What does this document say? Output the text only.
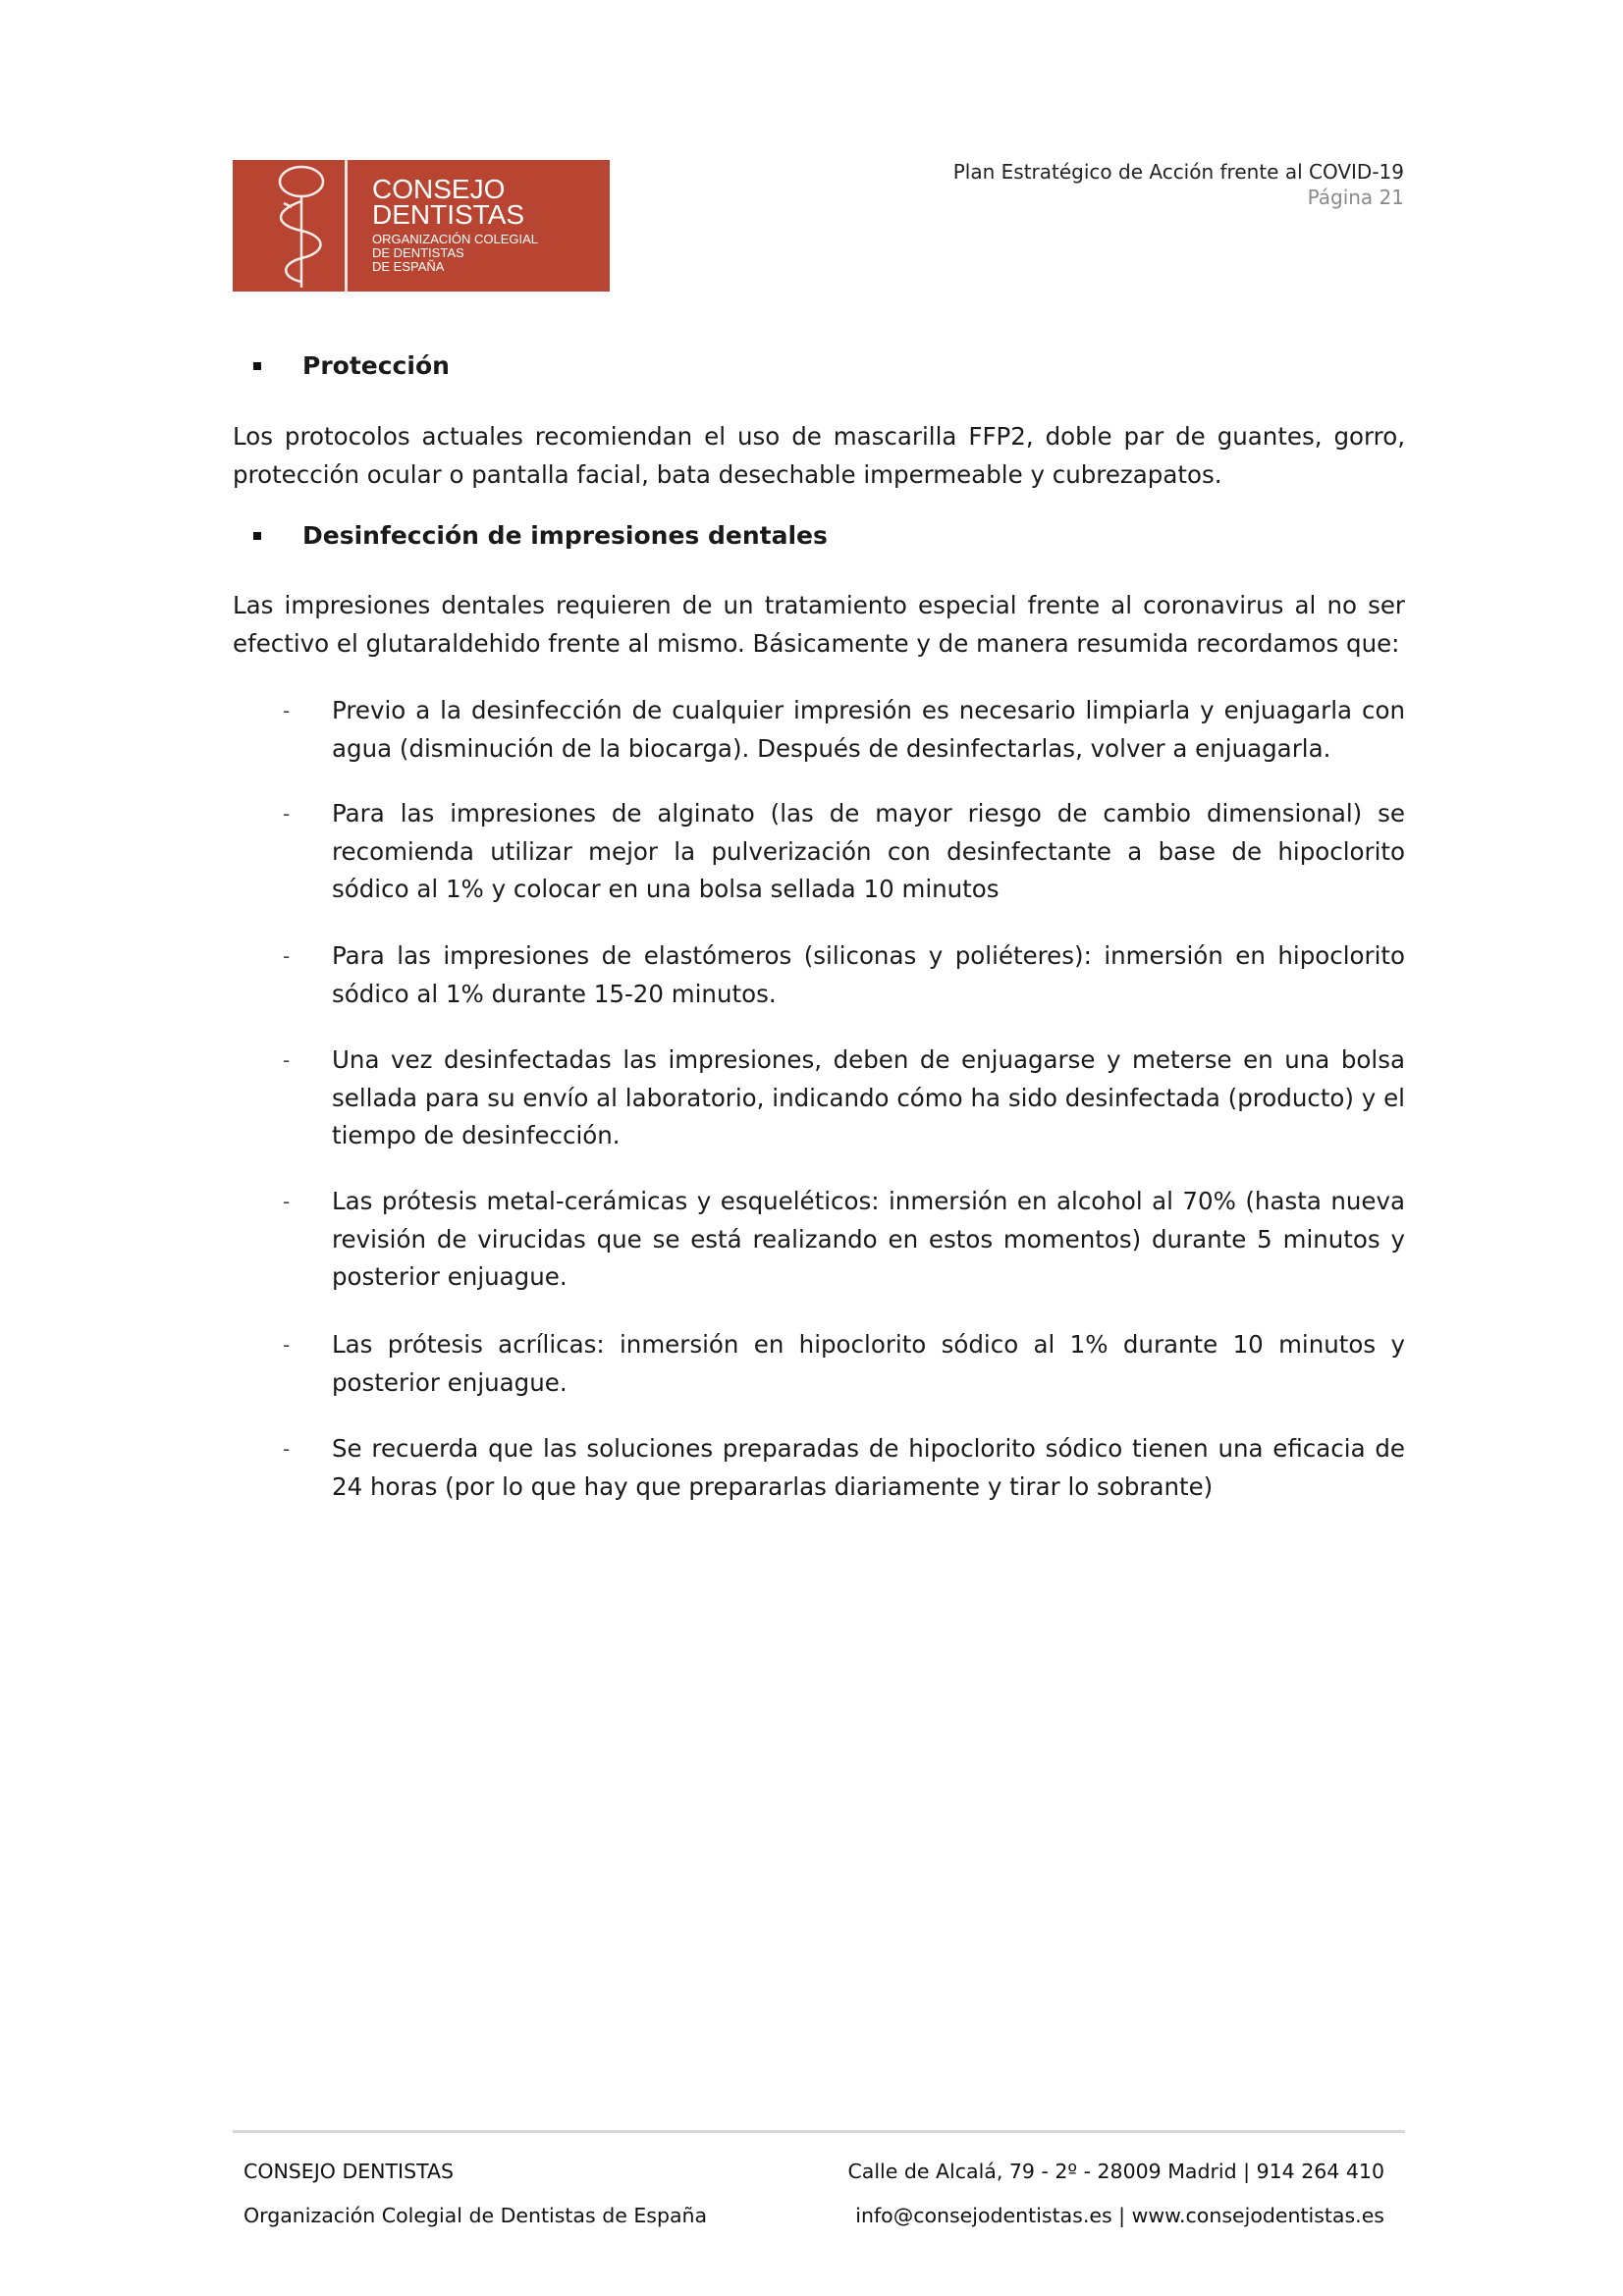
CONSEJO
DENTISTAS
ORGANIZACIÓN COLEGIAL
DE DENTISTAS
DE ESPAÑA
Plan Estratégico de Acción frente al COVID-19
Página 21
Protección
Los protocolos actuales recomiendan el uso de mascarilla FFP2, doble par de guantes, gorro, protección ocular o pantalla facial, bata desechable impermeable y cubrezapatos.
Desinfección de impresiones dentales
Las impresiones dentales requieren de un tratamiento especial frente al coronavirus al no ser efectivo el glutaraldehido frente al mismo. Básicamente y de manera resumida recordamos que:
- Previo a la desinfección de cualquier impresión es necesario limpiarla y enjuagarla con agua (disminución de la biocarga). Después de desinfectarlas, volver a enjuagarla.
- Para las impresiones de alginato (las de mayor riesgo de cambio dimensional) se recomienda utilizar mejor la pulverización con desinfectante a base de hipoclorito sódico al 1% y colocar en una bolsa sellada 10 minutos
- Para las impresiones de elastómeros (siliconas y poliéteres): inmersión en hipoclorito sódico al 1% durante 15-20 minutos.
- Una vez desinfectadas las impresiones, deben de enjuagarse y meterse en una bolsa sellada para su envío al laboratorio, indicando cómo ha sido desinfectada (producto) y el tiempo de desinfección.
- Las prótesis metal-cerámicas y esqueléticos: inmersión en alcohol al 70% (hasta nueva revisión de virucidas que se está realizando en estos momentos) durante 5 minutos y posterior enjuague.
- Las prótesis acrílicas: inmersión en hipoclorito sódico al 1% durante 10 minutos y posterior enjuague.
- Se recuerda que las soluciones preparadas de hipoclorito sódico tienen una eficacia de 24 horas (por lo que hay que prepararlas diariamente y tirar lo sobrante)
CONSEJO DENTISTAS
Organización Colegial de Dentistas de España
Calle de Alcalá, 79 - 2º - 28009 Madrid | 914 264 410
info@consejodentistas.es | www.consejodentistas.es
